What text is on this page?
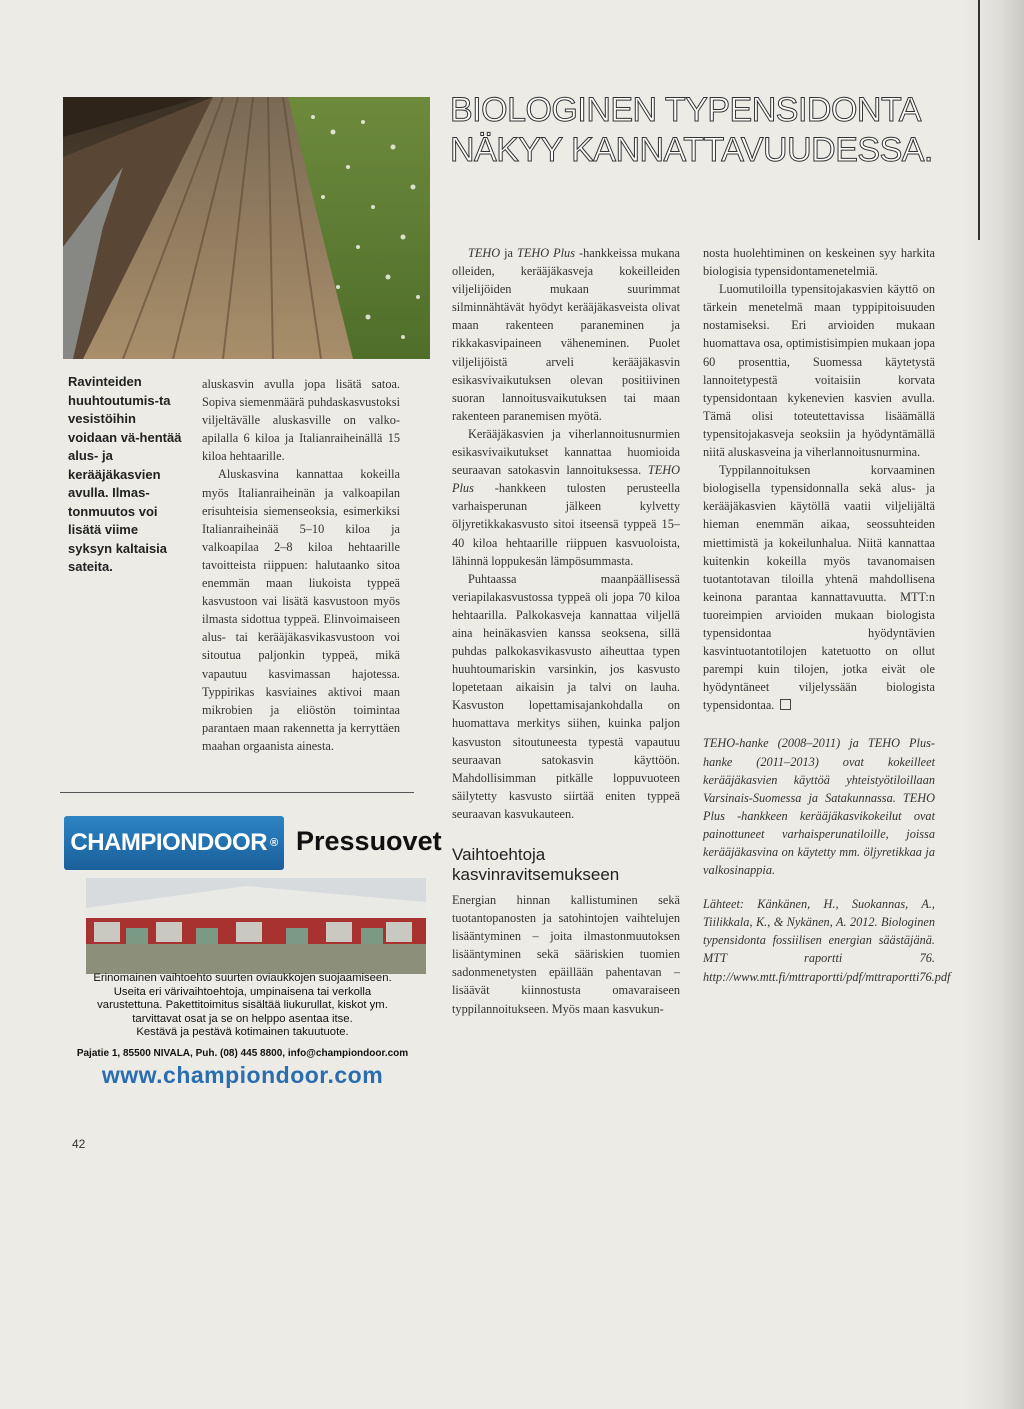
BIOLOGINEN TYPENSIDONTA
NÄKYY KANNATTAVUUDESSA.
Ravinteiden huuhtoutumis-ta vesistöihin voidaan vä-hentää alus- ja kerääjäkasvien avulla. Ilmas-tonmuutos voi lisätä viime syksyn kaltaisia sateita.

aluskasvin avulla jopa lisätä satoa. Sopiva siemenmäärä puhdaskasvustoksi viljeltävälle aluskasville on valko-apilalla 6 kiloa ja Italianraiheinällä 15 kiloa hehtaarille.

Aluskasvina kannattaa kokeilla myös Italianraiheinän ja valkoapilan erisuhteisia siemenseoksia, esimerkiksi Italianraiheinää 5–10 kiloa ja valkoapilaa 2–8 kiloa hehtaarille tavoitteista riippuen: halutaanko sitoa enemmän maan liukoista typpeä kasvustoon vai lisätä kasvustoon myös ilmasta sidottua typpeä. Elinvoimaiseen alus- tai kerääjäkasvikasvustoon voi sitoutua paljonkin typpeä, mikä vapautuu kasvimassan hajotessa. Typpirikas kasviaines aktivoi maan mikrobien ja eliöstön toimintaa parantaen maan rakennetta ja kerryttäen maahan orgaanista ainesta.

TEHO ja TEHO Plus -hankkeissa mukana olleiden, kerääjäkasveja kokeilleiden viljelijöiden mukaan suurimmat silminnähtävät hyödyt kerääjäkasveista olivat maan rakenteen paraneminen ja rikkakasvipaineen väheneminen. Puolet viljelijöistä arveli kerääjäkasvin esikasvivaikutuksen olevan positiivinen suoran lannoitusvaikutuksen tai maan rakenteen paranemisen myötä.

Kerääjäkasvien ja viherlannoitusnurmien esikasvivaikutukset kannattaa huomioida seuraavan satokasvin lannoituksessa. TEHO Plus -hankkeen tulosten perusteella varhaisperunan jälkeen kylvetty öljyretikkakasvusto sitoi itseensä typpeä 15–40 kiloa hehtaarille riippuen kasvuoloista, lähinnä loppukesän lämpösummasta.

Puhtaassa maanpäällisessä veriapilakasvustossa typpeä oli jopa 70 kiloa hehtaarilla. Palkokasveja kannattaa viljellä aina heinäkasvien kanssa seoksena, sillä puhdas palkokasvikasvusto aiheuttaa typen huuhtoumariskin varsinkin, jos kasvusto lopetetaan aikaisin ja talvi on lauha. Kasvuston lopettamisajankohdalla on huomattava merkitys siihen, kuinka paljon kasvuston sitoutuneesta typestä vapautuu seuraavan satokasvin käyttöön. Mahdollisimman pitkälle loppuvuoteen säilytetty kasvusto siirtää eniten typpeä seuraavan kasvukauteen.

Vaihtoehtoja kasvinravitsemukseen

Energian hinnan kallistuminen sekä tuotantopanosten ja satohintojen vaihtelujen lisääntyminen – joita ilmastonmuutoksen lisääntyminen sekä sääriskien tuomien sadonmenetysten epäillään pahentavan – lisäävät kiinnostusta omavaraiseen typpilannoitukseen. Myös maan kasvukun-

nosta huolehtiminen on keskeinen syy harkita biologisia typensidontamenetelmiä.

Luomutiloilla typensitojakasvien käyttö on tärkein menetelmä maan typpipitoisuuden nostamiseksi. Eri arvioiden mukaan huomattava osa, optimistisimpien mukaan jopa 60 prosenttia, Suomessa käytetystä lannoitetypestä voitaisiin korvata typensidontaan kykenevien kasvien avulla. Tämä olisi toteutettavissa lisäämällä typensitojakasveja seoksiin ja hyödyntämällä niitä aluskasveina ja viherlannoitusnurmina.

Typpilannoituksen korvaaminen biologisella typensidonnalla sekä alus- ja kerääjäkasvien käytöllä vaatii viljelijältä hieman enemmän aikaa, seossuhteiden miettimistä ja kokeilunhalua. Niitä kannattaa kuitenkin kokeilla myös tavanomaisen tuotantotavan tiloilla yhtenä mahdollisena keinona parantaa kannattavuutta. MTT:n tuoreimpien arvioiden mukaan biologista typensidontaa hyödyntävien kasvintuotantotilojen katetuotto on ollut parempi kuin tilojen, jotka eivät ole hyödyntäneet viljelyssään biologista typensidontaa.

TEHO-hanke (2008–2011) ja TEHO Plus-hanke (2011–2013) ovat kokeilleet kerääjäkasvien käyttöä yhteistyötiloillaan Varsinais-Suomessa ja Satakunnassa. TEHO Plus -hankkeen kerääjäkasvikokeilut ovat painottuneet varhaisperunatiloille, joissa kerääjäkasvina on käytetty mm. öljyretikkaa ja valkosinappia.

Lähteet: Känkänen, H., Suokannas, A., Tiilikkala, K., & Nykänen, A. 2012. Biologinen typensidonta fossiilisen energian säästäjänä. MTT raportti 76. http://www.mtt.fi/mttraportti/pdf/mttraportti76.pdf

CHAMPIONDOOR ® Pressuovet
Erinomainen vaihtoehto suurten oviaukkojen suojaamiseen.
Useita eri värivaihtoehtoja, umpinaisena tai verkolla
varustettuna. Pakettitoimitus sisältää liukurullat, kiskot ym.
tarvittavat osat ja se on helppo asentaa itse.
Kestävä ja pestävä kotimainen takuutuote.
Pajatie 1, 85500 NIVALA, Puh. (08) 445 8800, info@championdoor.com
www.championdoor.com
42
